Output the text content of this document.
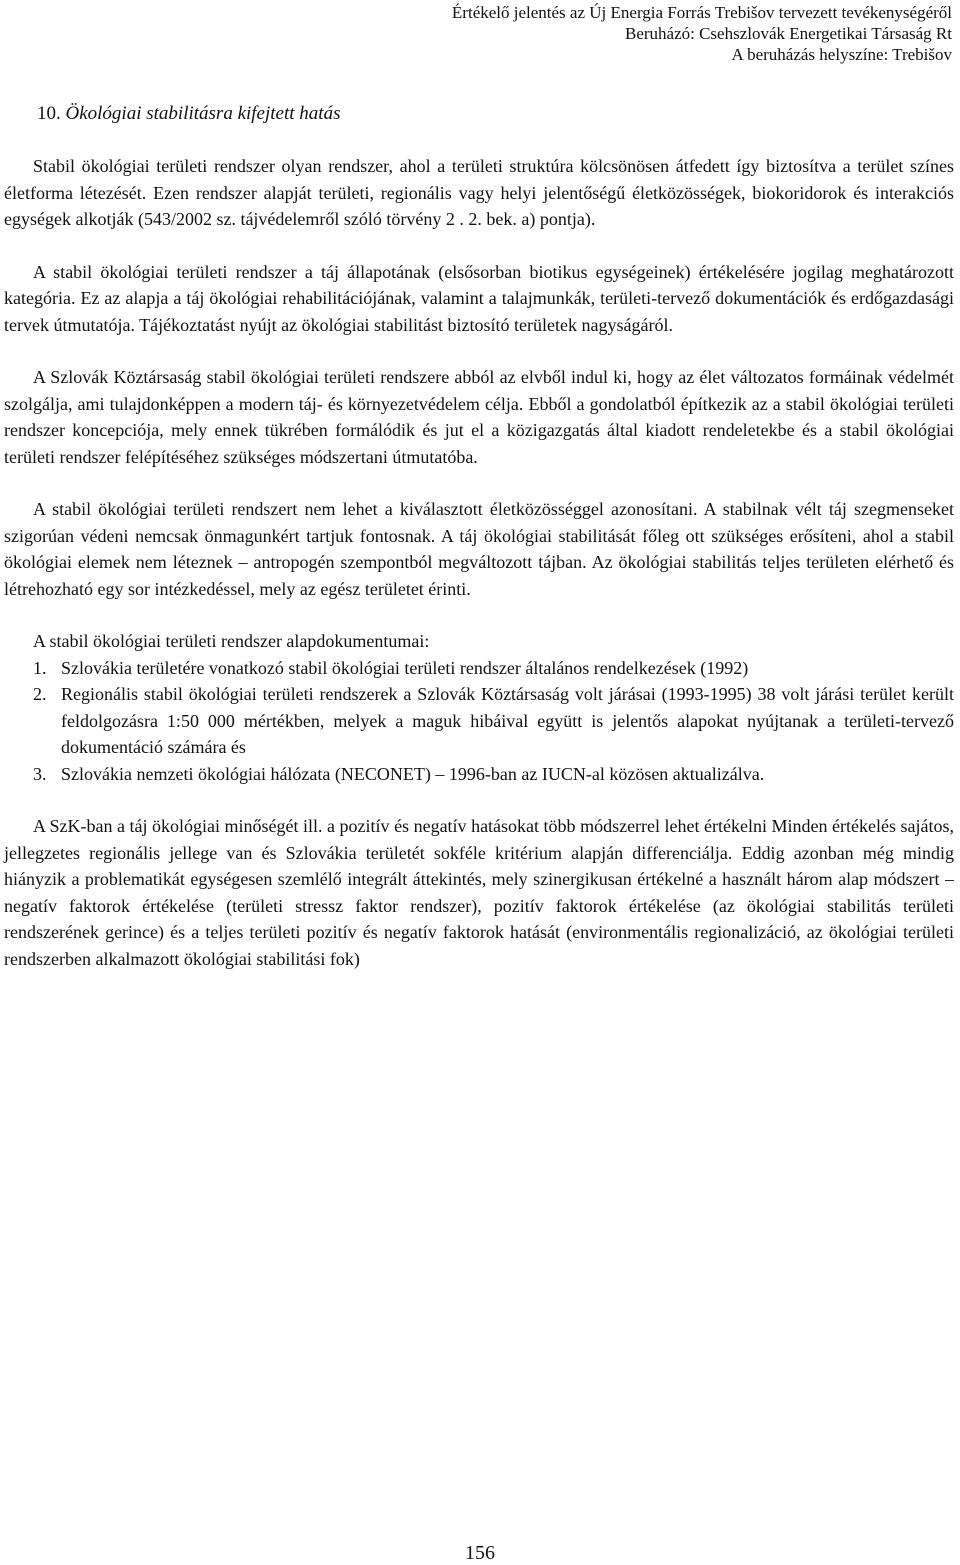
Értékelő jelentés az Új Energia Forrás Trebišov tervezett tevékenységéről
Beruházó: Csehszlovák Energetikai Társaság Rt
A beruházás helyszíne: Trebišov
10. Ökológiai stabilitásra kifejtett hatás

Stabil ökológiai területi rendszer olyan rendszer, ahol a területi struktúra kölcsönösen átfedett így biztosítva a terület színes életforma létezését. Ezen rendszer alapját területi, regionális vagy helyi jelentőségű életközösségek, biokoridorok és interakciós egységek alkotják (543/2002 sz. tájvédelemről szóló törvény 2 . 2. bek. a) pontja).

A stabil ökológiai területi rendszer a táj állapotának (elsősorban biotikus egységeinek) értékelésére jogilag meghatározott kategória. Ez az alapja a táj ökológiai rehabilitációjának, valamint a talajmunkák, területi-tervező dokumentációk és erdőgazdasági tervek útmutatója. Tájékoztatást nyújt az ökológiai stabilitást biztosító területek nagyságáról.

A Szlovák Köztársaság stabil ökológiai területi rendszere abból az elvből indul ki, hogy az élet változatos formáinak védelmét szolgálja, ami tulajdonképpen a modern táj- és környezetvédelem célja. Ebből a gondolatból építkezik az a stabil ökológiai területi rendszer koncepciója, mely ennek tükrében formálódik és jut el a közigazgatás által kiadott rendeletekbe és a stabil ökológiai területi rendszer felépítéséhez szükséges módszertani útmutatóba.

A stabil ökológiai területi rendszert nem lehet a kiválasztott életközösséggel azonosítani. A stabilnak vélt táj szegmenseket szigorúan védeni nemcsak önmagunkért tartjuk fontosnak. A táj ökológiai stabilitását főleg ott szükséges erősíteni, ahol a stabil ökológiai elemek nem léteznek – antropogén szempontból megváltozott tájban. Az ökológiai stabilitás teljes területen elérhető és létrehozható egy sor intézkedéssel, mely az egész területet érinti.

A stabil ökológiai területi rendszer alapdokumentumai:

1. Szlovákia területére vonatkozó stabil ökológiai területi rendszer általános rendelkezések (1992)
2. Regionális stabil ökológiai területi rendszerek a Szlovák Köztársaság volt járásai (1993-1995) 38 volt járási terület került feldolgozásra 1:50 000 mértékben, melyek a maguk hibáival együtt is jelentős alapokat nyújtanak a területi-tervező dokumentáció számára és
3. Szlovákia nemzeti ökológiai hálózata (NECONET) – 1996-ban az IUCN-al közösen aktualizálva.

A SzK-ban a táj ökológiai minőségét ill. a pozitív és negatív hatásokat több módszerrel lehet értékelni Minden értékelés sajátos, jellegzetes regionális jellege van és Szlovákia területét sokféle kritérium alapján differenciálja. Eddig azonban még mindig hiányzik a problematikát egységesen szemlélő integrált áttekintés, mely szinergikusan értékelné a használt három alap módszert – negatív faktorok értékelése (területi stressz faktor rendszer), pozitív faktorok értékelése (az ökológiai stabilitás területi rendszerének gerince) és a teljes területi pozitív és negatív faktorok hatását (environmentális regionalizáció, az ökológiai területi rendszerben alkalmazott ökológiai stabilitási fok)

156
